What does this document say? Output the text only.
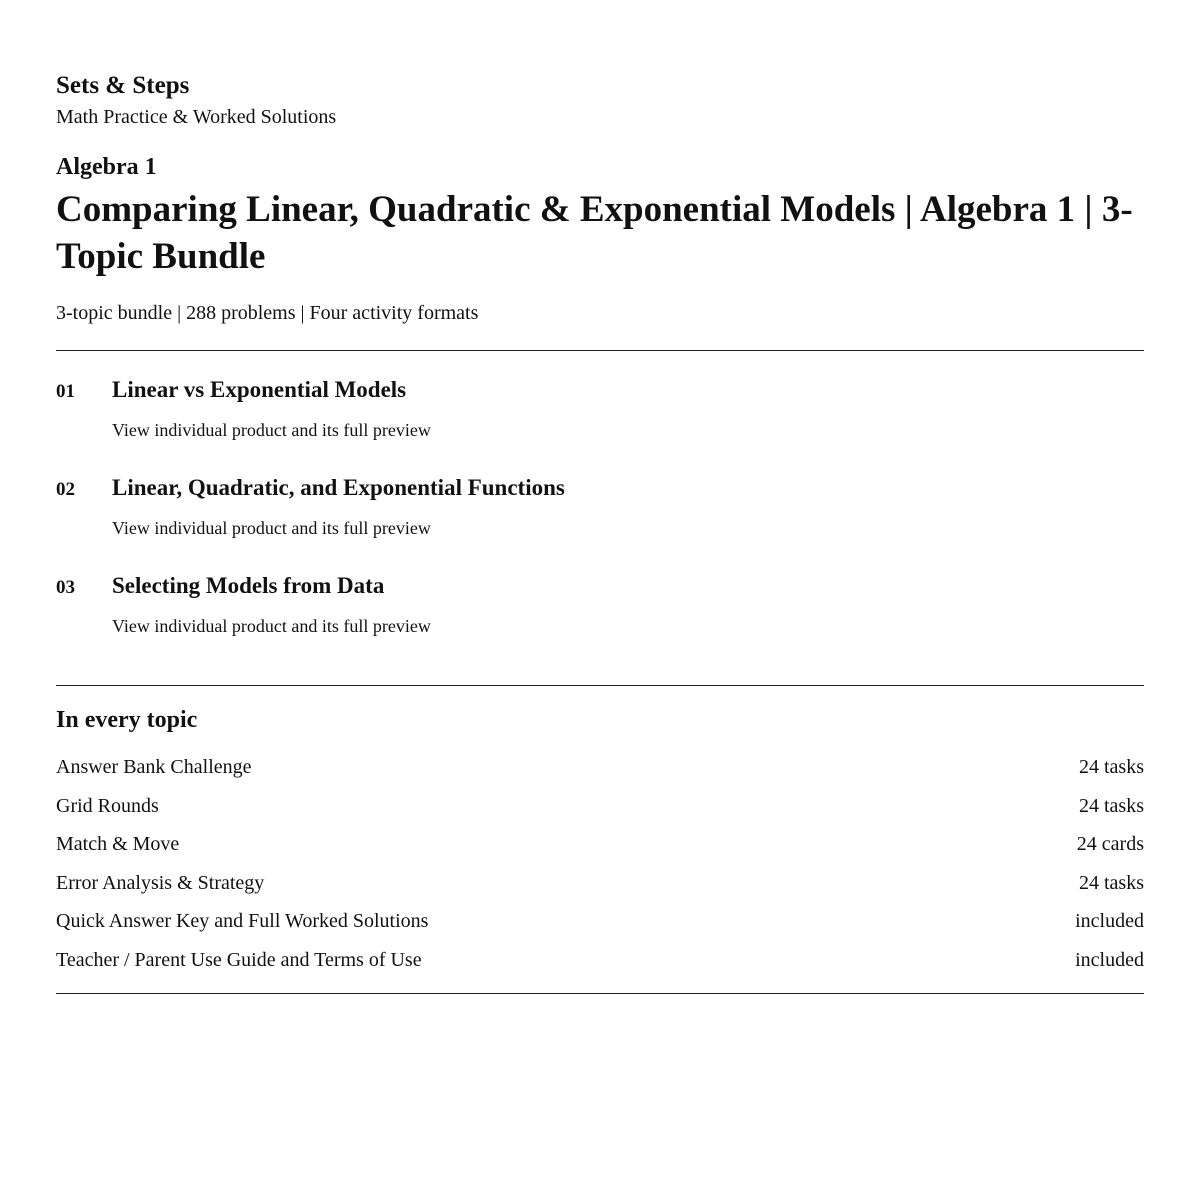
Sets & Steps
Math Practice & Worked Solutions
Algebra 1
Comparing Linear, Quadratic & Exponential Models | Algebra 1 | 3-Topic Bundle
3-topic bundle | 288 problems | Four activity formats
01 Linear vs Exponential Models
View individual product and its full preview
02 Linear, Quadratic, and Exponential Functions
View individual product and its full preview
03 Selecting Models from Data
View individual product and its full preview
In every topic
Answer Bank Challenge	24 tasks
Grid Rounds	24 tasks
Match & Move	24 cards
Error Analysis & Strategy	24 tasks
Quick Answer Key and Full Worked Solutions	included
Teacher / Parent Use Guide and Terms of Use	included
